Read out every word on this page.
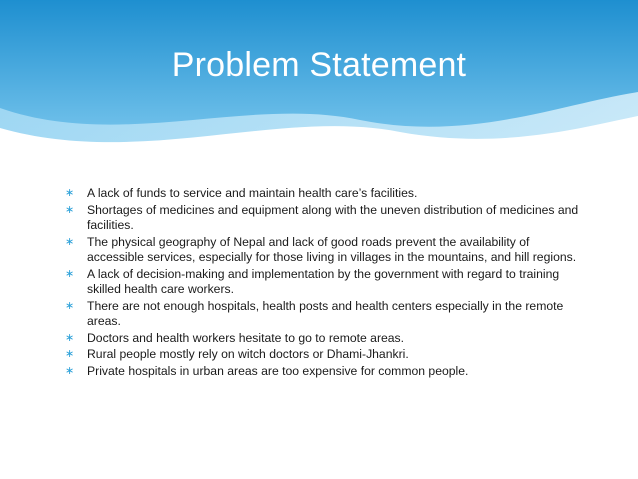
Problem Statement
∗ A lack of funds to service and maintain health care’s facilities.
∗ Shortages of medicines and equipment along with the uneven distribution of medicines and facilities.
∗ The physical geography of Nepal and lack of good roads prevent the availability of accessible services, especially for those living in villages in the mountains, and hill regions.
∗ A lack of decision-making and implementation by the government with regard to training skilled health care workers.
∗ There are not enough hospitals, health posts and health centers especially in the remote areas.
∗ Doctors and health workers hesitate to go to remote areas.
∗ Rural people mostly rely on witch doctors or Dhami-Jhankri.
∗ Private hospitals in urban areas are too expensive for common people.
